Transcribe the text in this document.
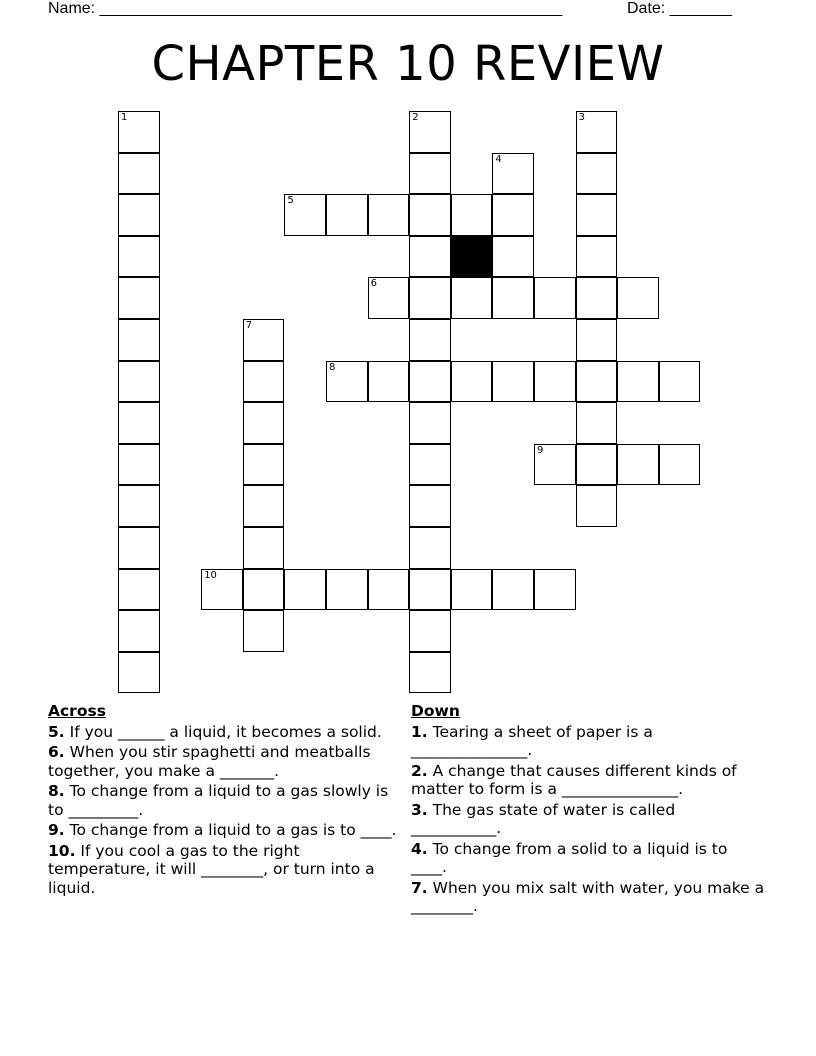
Name: ____________________________________________________	Date: _______
CHAPTER 10 REVIEW
1	2	3
4
5
6
7
8
9
10
Across
5. If you ______ a liquid, it becomes a solid.
6. When you stir spaghetti and meatballs together, you make a _______.
8. To change from a liquid to a gas slowly is to _________.
9. To change from a liquid to a gas is to ____.
10. If you cool a gas to the right temperature, it will ________, or turn into a liquid.
Down
1. Tearing a sheet of paper is a _______________.
2. A change that causes different kinds of matter to form is a _______________.
3. The gas state of water is called ___________.
4. To change from a solid to a liquid is to ____.
7. When you mix salt with water, you make a ________.
